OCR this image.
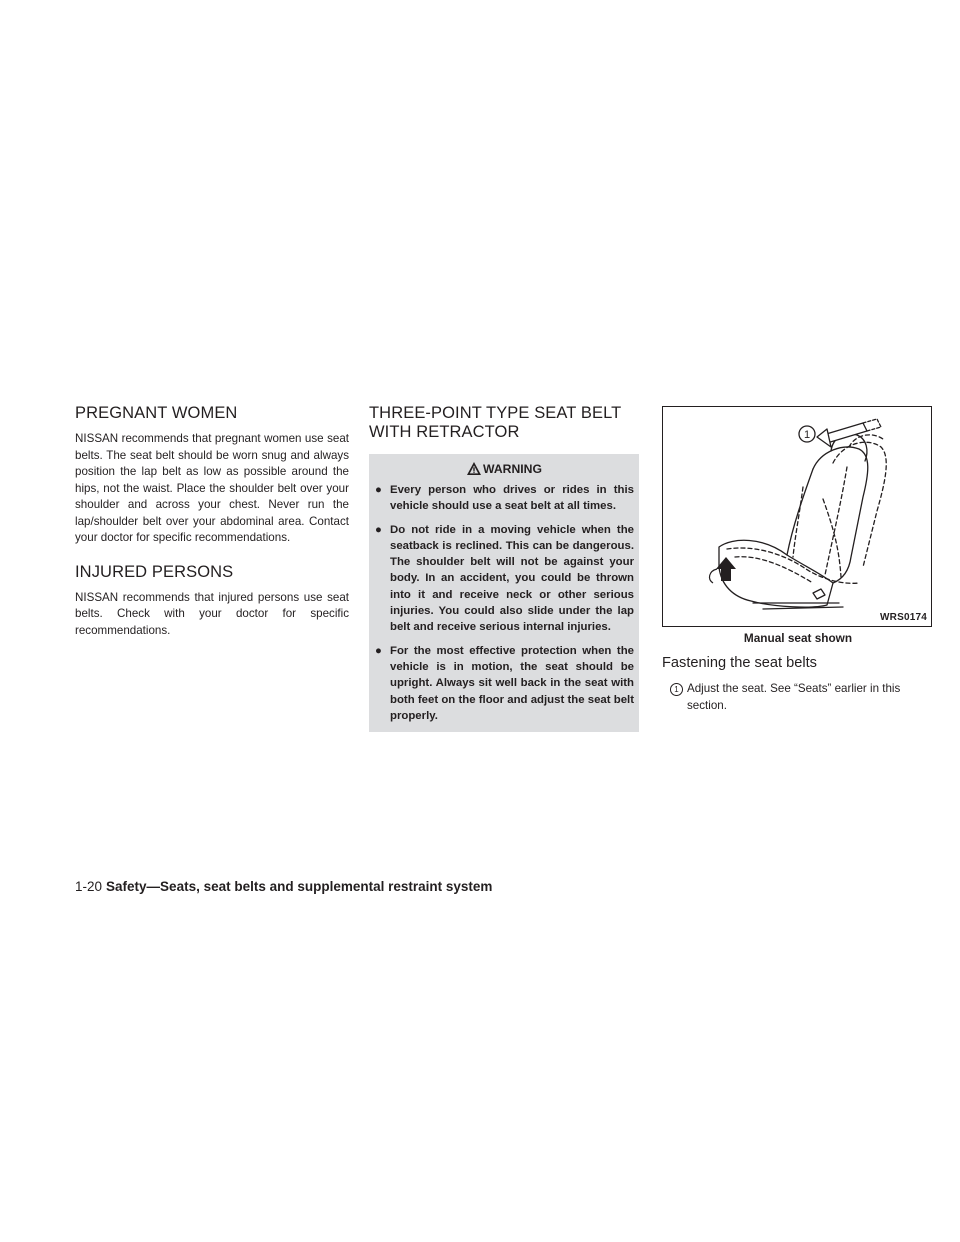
PREGNANT WOMEN

NISSAN recommends that pregnant women use seat belts. The seat belt should be worn snug and always position the lap belt as low as possible around the hips, not the waist. Place the shoulder belt over your shoulder and across your chest. Never run the lap/shoulder belt over your abdominal area. Contact your doctor for specific recommendations.

INJURED PERSONS

NISSAN recommends that injured persons use seat belts. Check with your doctor for specific recommendations.

THREE-POINT TYPE SEAT BELT WITH RETRACTOR
WARNING
● Every person who drives or rides in this vehicle should use a seat belt at all times.
● Do not ride in a moving vehicle when the seatback is reclined. This can be dangerous. The shoulder belt will not be against your body. In an accident, you could be thrown into it and receive neck or other serious injuries. You could also slide under the lap belt and receive serious internal injuries.
● For the most effective protection when the vehicle is in motion, the seat should be upright. Always sit well back in the seat with both feet on the floor and adjust the seat belt properly.
1
WRS0174
Manual seat shown
Fastening the seat belts
1 Adjust the seat. See “Seats” earlier in this section.
1-20 Safety—Seats, seat belts and supplemental restraint system
